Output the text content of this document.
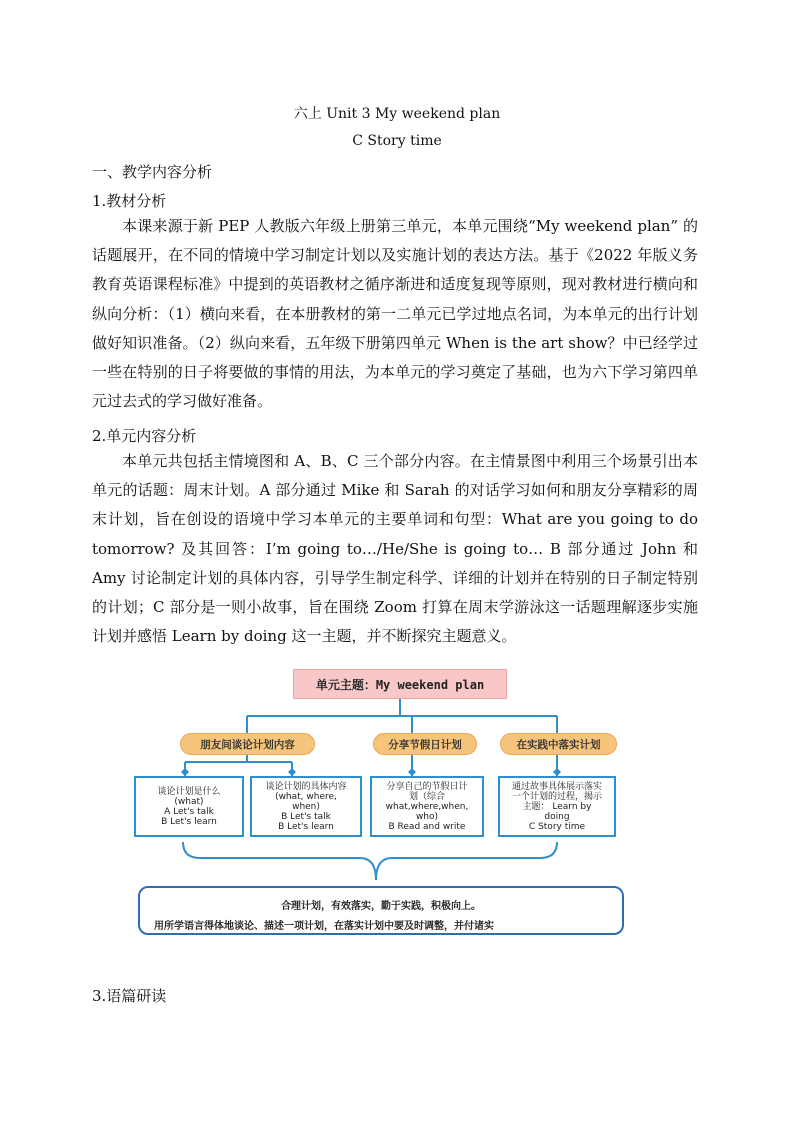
六上 Unit 3 My weekend plan
C Story time
一、教学内容分析
1.教材分析

本课来源于新 PEP 人教版六年级上册第三单元，本单元围绕“My weekend plan” 的话题展开，在不同的情境中学习制定计划以及实施计划的表达方法。基于《2022 年版义务教育英语课程标准》中提到的英语教材之循序渐进和适度复现等原则，现对教材进行横向和纵向分析：（1）横向来看，在本册教材的第一二单元已学过地点名词，为本单元的出行计划做好知识准备。（2）纵向来看，五年级下册第四单元 When is the art show？中已经学过一些在特别的日子将要做的事情的用法，为本单元的学习奠定了基础，也为六下学习第四单元过去式的学习做好准备。

2.单元内容分析

本单元共包括主情境图和 A、B、C 三个部分内容。在主情景图中利用三个场景引出本单元的话题：周末计划。A 部分通过 Mike 和 Sarah 的对话学习如何和朋友分享精彩的周末计划，旨在创设的语境中学习本单元的主要单词和句型：What are you going to do tomorrow? 及其回答：I’m going to…/He/She is going to… B 部分通过 John 和 Amy 讨论制定计划的具体内容，引导学生制定科学、详细的计划并在特别的日子制定特别的计划；C 部分是一则小故事，旨在围绕 Zoom 打算在周末学游泳这一话题理解逐步实施计划并感悟 Learn by doing 这一主题，并不断探究主题意义。

单元主题：My weekend plan
朋友间谈论计划内容	分享节假日计划	在实践中落实计划
谈论计划是什么
(what)
A Let's talk
B Let's learn
谈论计划的具体内容
(what, where,
when)
B Let's talk
B Let's learn
分享自己的节假日计
划（综合
what,where,when,
who)
B Read and write
通过故事具体展示落实
一个计划的过程，揭示
主题： Learn by
doing
C Story time
合理计划，有效落实，勤于实践，积极向上。
用所学语言得体地谈论、描述一项计划，在落实计划中要及时调整，并付诸实
3.语篇研读
